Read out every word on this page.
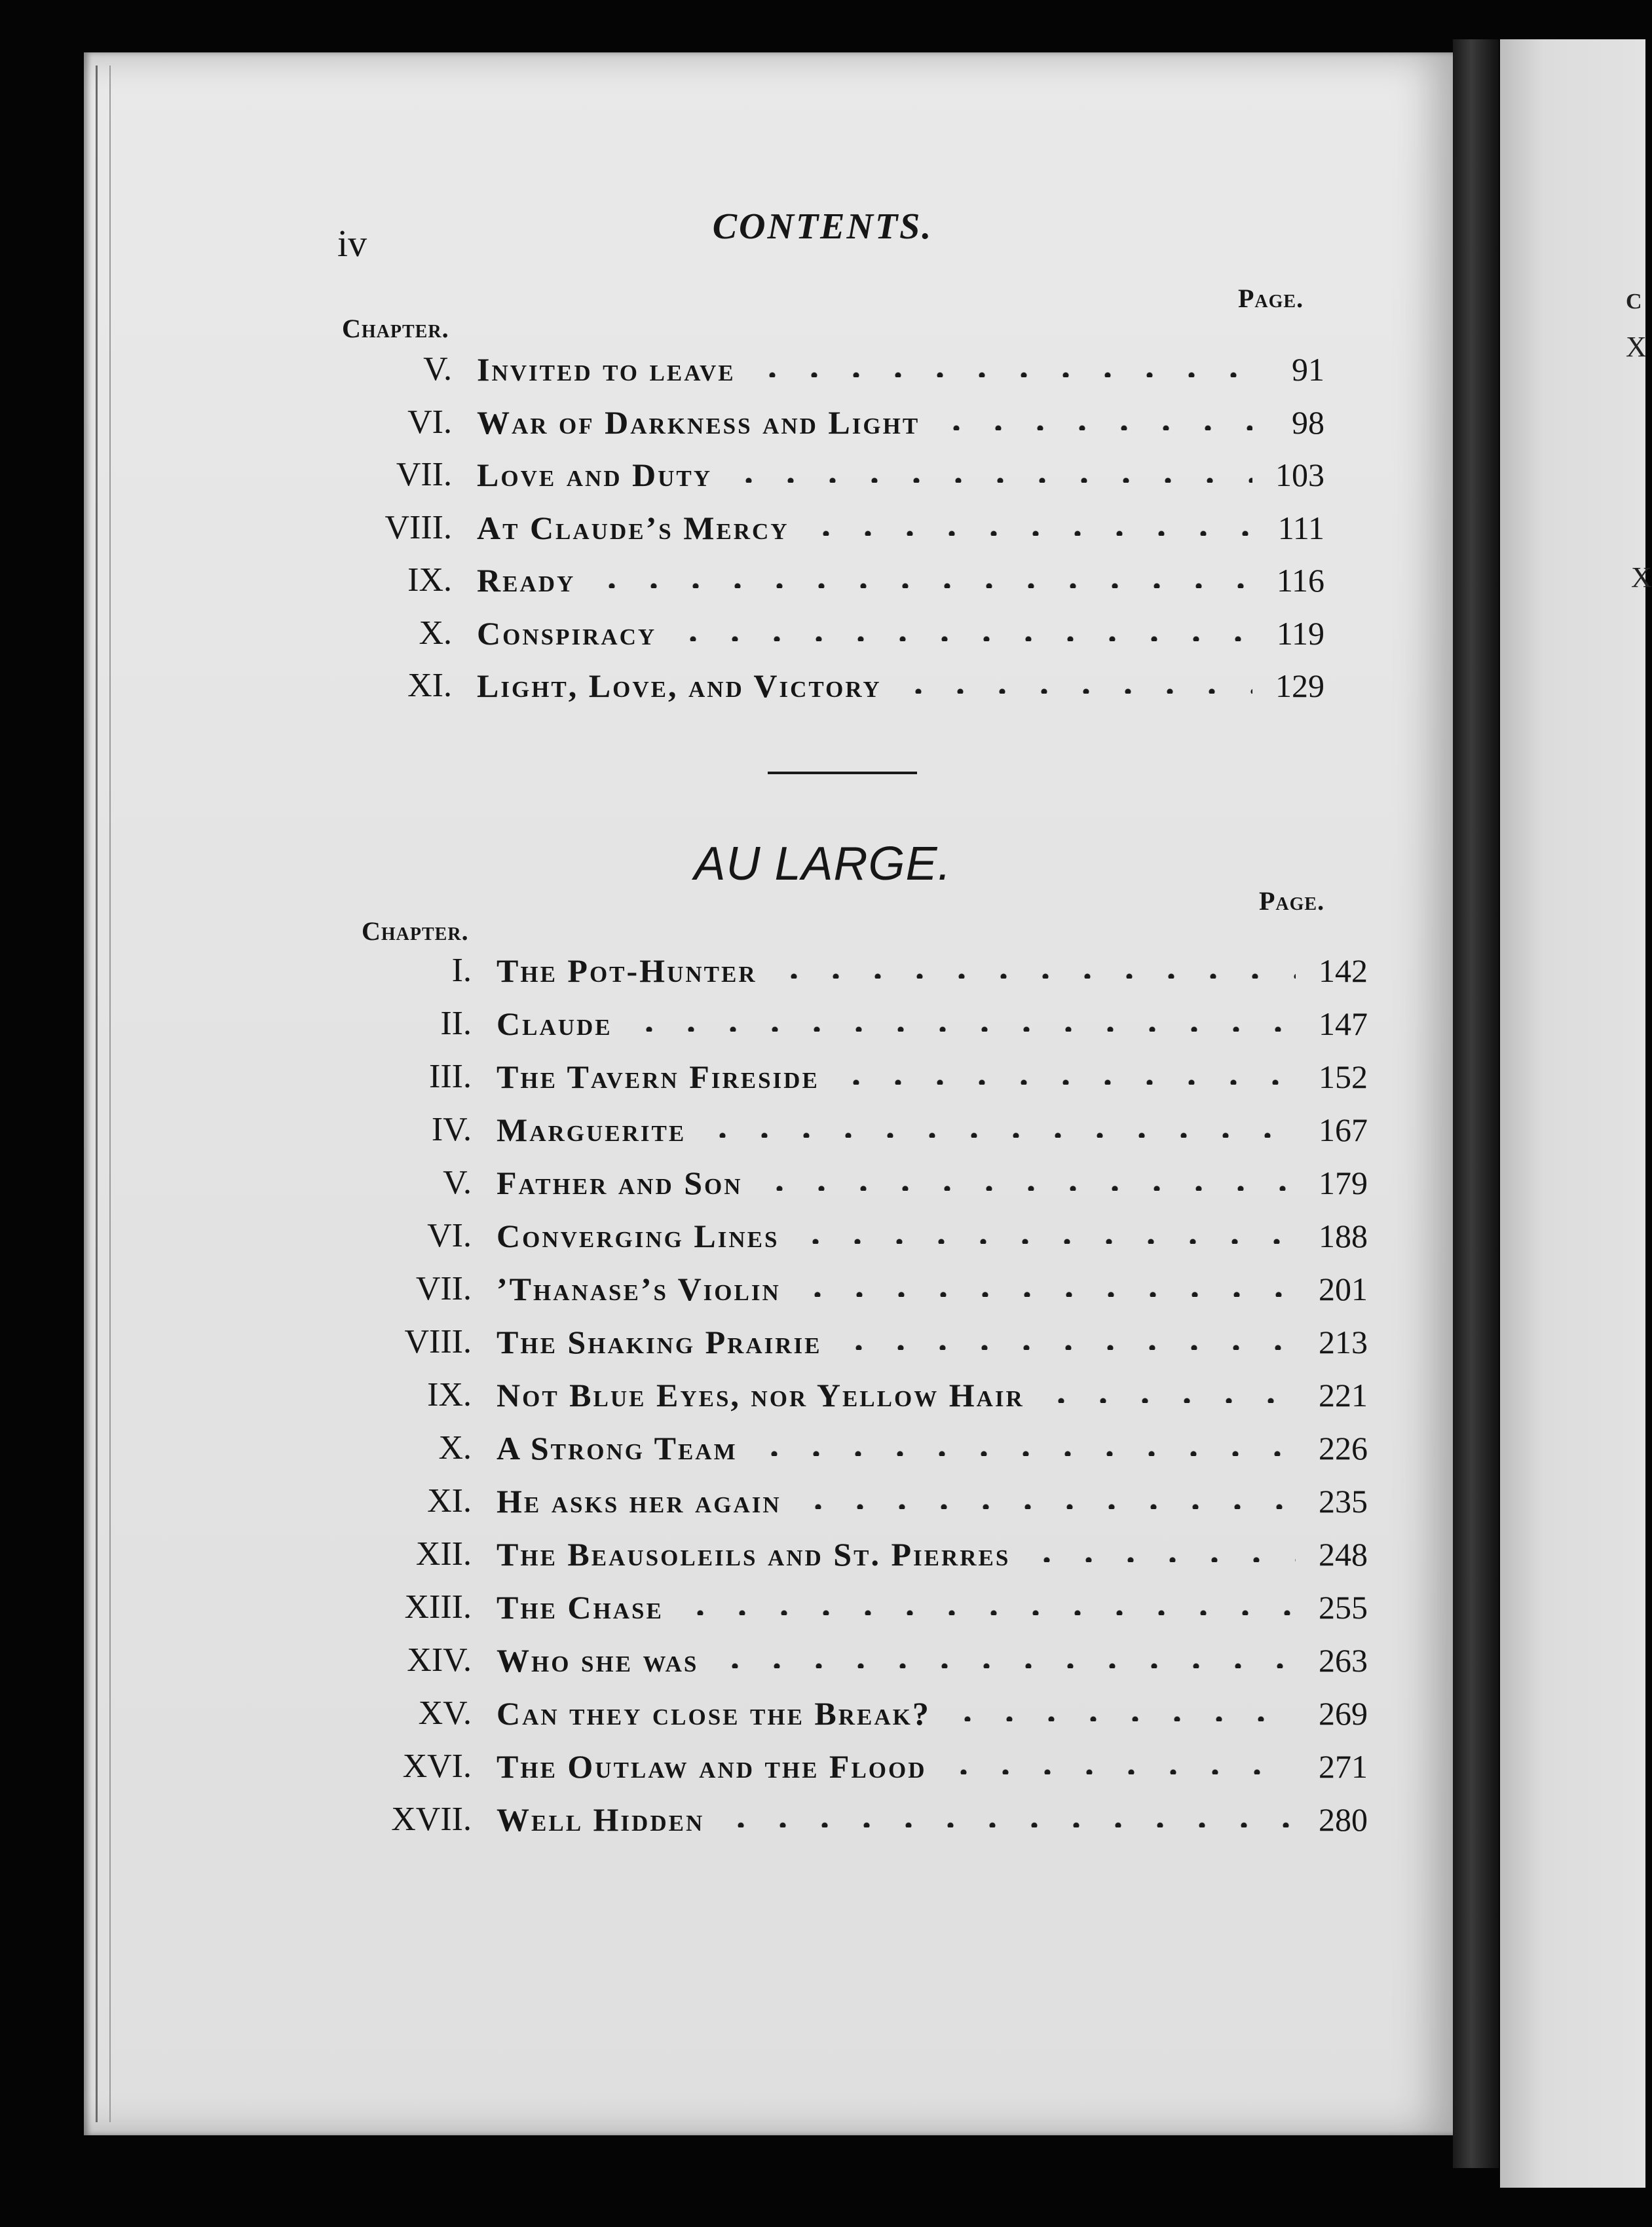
C
X
X
iv	CONTENTS.
Page.
Chapter.
V. Invited to leave	91
VI. War of Darkness and Light	98
VII. Love and Duty	103
VIII. At Claude’s Mercy	111
IX. Ready	116
X. Conspiracy	119
XI. Light, Love, and Victory	129
AU LARGE.
Page.
Chapter.
I. The Pot-Hunter	142
II. Claude	147
III. The Tavern Fireside	152
IV. Marguerite	167
V. Father and Son	179
VI. Converging Lines	188
VII. ’Thanase’s Violin	201
VIII. The Shaking Prairie	213
IX. Not Blue Eyes, nor Yellow Hair	221
X. A Strong Team	226
XI. He asks her again	235
XII. The Beausoleils and St. Pierres	248
XIII. The Chase	255
XIV. Who she was	263
XV. Can they close the Break?	269
XVI. The Outlaw and the Flood	271
XVII. Well Hidden	280
